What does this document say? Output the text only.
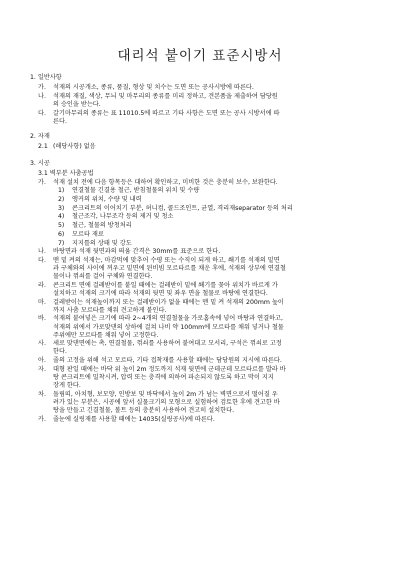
대리석 붙이기 표준시방서
1. 일반사항
가. 석재의 시공개소, 종류, 품질, 형상 및 치수는 도면 또는 공사시방에 따른다.
나. 석재의 재질, 색상, 무늬 및 마무리의 종류를 미리 정하고, 견본품을 제출하여 담당원
의 승인을 받는다.
다. 갈기마무리의 종류는 표 11010.5에 따르고 기타 사항은 도면 또는 공사 시방서에 따
른다.
2. 자재
2.1 (해당사항) 없음
3. 시공
3.1 벽부분 사춤공법
가. 석재 설치 전에 다음 항목등은 대하여 확인하고, 미비한 것은 충분히 보수, 보완한다.
1) 연결철물 긴결용 철근, 받침철물의 위치 및 수량
2) 앵커의 위치, 수량 및 내력
3) 콘크리트의 이어치기 부분, 허니컴, 콜드조인트, 균열, 격리재separator 등의 처리
4) 철근조각, 나무조각 등의 제거 및 청소
5) 철근, 철물의 방청처리
6) 모르타 재료
7) 지지틀의 상태 및 강도
나. 바탕면과 석재 뒷면과의 띄움 간격은 30mm를 표준으로 한다.
다. 맨 밑 켜의 석재는, 마감먹에 맞추어 수평 또는 수직이 되게 하고, 쐐기를 석재의 밑면
과 구체와의 사이에 꺼우고 밑면에 된비빔 모르타르를 채운 후에, 석재의 상부에 연결철
물이나 꺾쇠를 걸어 구체와 연결한다.
라. 콘크리트 면에 걸레받이를 붙일 때에는 걸레받이 밑에 쐐기를 꽂아 위치가 바르게 가
설치하고 석재의 크기에 따라 석재의 뒷면 및 좌우 면을 철물로 바탕에 연결한다.
마. 걸레받이는 석재높이까지 또는 걸레받이가 없을 때에는 맨 밑 켜 석재의 200mm 높이
까지 사춤 모르타를 채워 견고하게 붙인다.
바. 석재의 붙여넣은 크기에 따라 2~4개의 연결철물을 가로홈속에 넣어 바탕과 연결하고,
석재의 위에서 가로맞댄의 상하에 걸쳐 나비 약 100mm에 모르타를 채워 넣거나 철물
주위에만 모르타를 채워 넣어 고정한다.
사. 세로 맞댄면에는 촉, 연결철물, 꺾쇠를 사용하여 붙여대고 모서리, 구석은 꺾쇠로 고정
한다.
아. 줄의 고정을 위해 석고 모르타, 기타 접착재를 사용할 때에는 담당원의 지시에 따른다.
자. 대형 판일 때에는 바닥 위 높이 2m 정도까지 석재 뒷면에 군데군데 모르타르를 발라 바
탕 콘크리트에 밀착시켜, 압력 또는 충격에 의하여 파손되지 않도록 하고 막이 지지
장게 한다.
차. 돌림띠, 아치형, 보모양, 인방보 및 바닥에서 높이 2m 가 넘는 벽면으로서 떨어질 우
려가 있는 부분은, 시공에 앞서 실물크기의 모형으로 실험하여 검토한 후에 견고한 바
탕을 만들고 긴결철물, 볼트 등의 충분히 사용하여 견고히 설치한다.
카. 줄눈에 실링재를 사용할 때에는 14035(실링공사)에 따른다.
